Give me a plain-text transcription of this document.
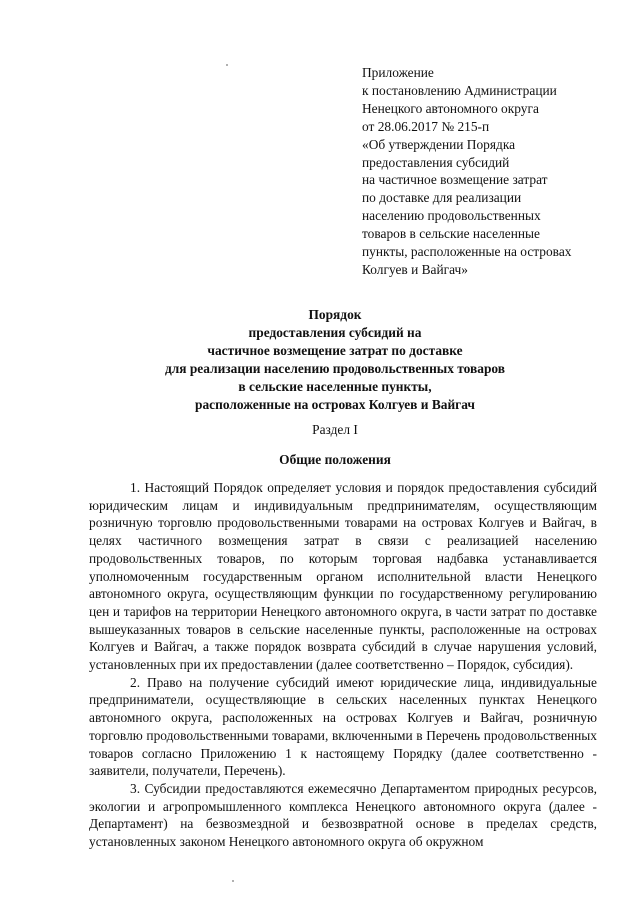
Приложение
к постановлению Администрации
Ненецкого автономного округа
от 28.06.2017 № 215-п
«Об утверждении Порядка
предоставления субсидий
на частичное возмещение затрат
по доставке для реализации
населению продовольственных
товаров в сельские населенные
пункты, расположенные на островах
Колгуев и Вайгач»
Порядок
предоставления субсидий на
частичное возмещение затрат по доставке
для реализации населению продовольственных товаров
в сельские населенные пункты,
расположенные на островах Колгуев и Вайгач
Раздел I
Общие положения
1. Настоящий Порядок определяет условия и порядок предоставления субсидий юридическим лицам и индивидуальным предпринимателям, осуществляющим розничную торговлю продовольственными товарами на островах Колгуев и Вайгач, в целях частичного возмещения затрат в связи с реализацией населению продовольственных товаров, по которым торговая надбавка устанавливается уполномоченным государственным органом исполнительной власти Ненецкого автономного округа, осуществляющим функции по государственному регулированию цен и тарифов на территории Ненецкого автономного округа, в части затрат по доставке вышеуказанных товаров в сельские населенные пункты, расположенные на островах Колгуев и Вайгач, а также порядок возврата субсидий в случае нарушения условий, установленных при их предоставлении (далее соответственно – Порядок, субсидия).
2. Право на получение субсидий имеют юридические лица, индивидуальные предприниматели, осуществляющие в сельских населенных пунктах Ненецкого автономного округа, расположенных на островах Колгуев и Вайгач, розничную торговлю продовольственными товарами, включенными в Перечень продовольственных товаров согласно Приложению 1 к настоящему Порядку (далее соответственно - заявители, получатели, Перечень).
3. Субсидии предоставляются ежемесячно Департаментом природных ресурсов, экологии и агропромышленного комплекса Ненецкого автономного округа (далее - Департамент) на безвозмездной и безвозвратной основе в пределах средств, установленных законом Ненецкого автономного округа об окружном
